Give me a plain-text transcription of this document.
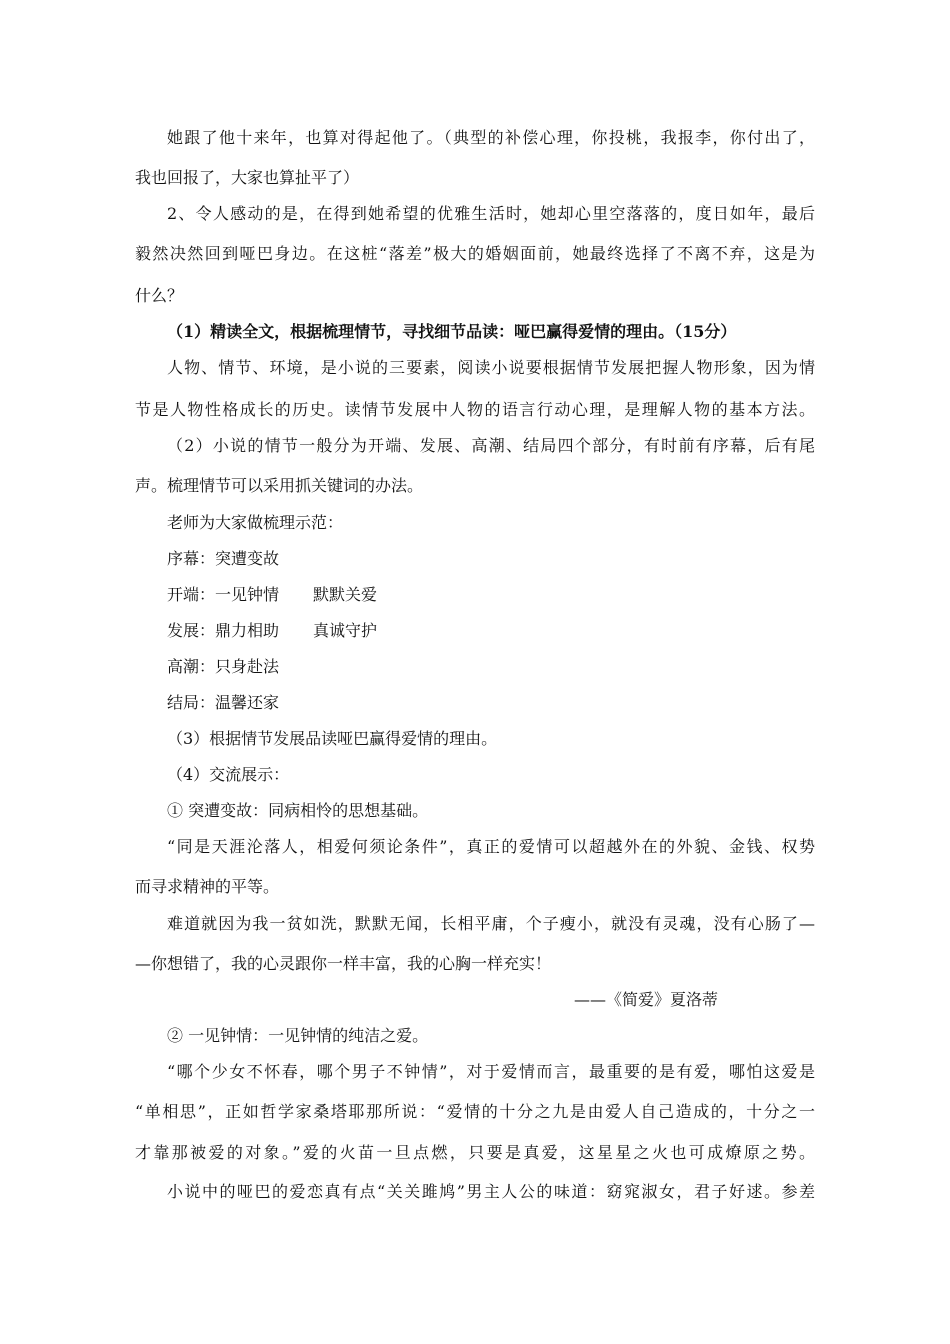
她跟了他十来年，也算对得起他了。（典型的补偿心理，你投桃，我报李，你付出了，
我也回报了，大家也算扯平了）
2、令人感动的是，在得到她希望的优雅生活时，她却心里空落落的，度日如年，最后
毅然决然回到哑巴身边。在这桩“落差”极大的婚姻面前，她最终选择了不离不弃，这是为
什么？
（1）精读全文，根据梳理情节，寻找细节品读：哑巴赢得爱情的理由。（15分）
人物、情节、环境，是小说的三要素，阅读小说要根据情节发展把握人物形象，因为情
节是人物性格成长的历史。读情节发展中人物的语言行动心理，是理解人物的基本方法。
（2）小说的情节一般分为开端、发展、高潮、结局四个部分，有时前有序幕，后有尾
声。梳理情节可以采用抓关键词的办法。
老师为大家做梳理示范：
序幕：突遭变故
开端：一见钟情 默默关爱
发展：鼎力相助 真诚守护
高潮：只身赴法
结局：温馨还家
（3）根据情节发展品读哑巴赢得爱情的理由。
（4）交流展示：
① 突遭变故：同病相怜的思想基础。
“同是天涯沦落人，相爱何须论条件”，真正的爱情可以超越外在的外貌、金钱、权势
而寻求精神的平等。
难道就因为我一贫如洗，默默无闻，长相平庸，个子瘦小，就没有灵魂，没有心肠了—
—你想错了，我的心灵跟你一样丰富，我的心胸一样充实！
——《简爱》夏洛蒂
② 一见钟情：一见钟情的纯洁之爱。
“哪个少女不怀春，哪个男子不钟情”，对于爱情而言，最重要的是有爱，哪怕这爱是
“单相思”，正如哲学家桑塔耶那所说：“爱情的十分之九是由爱人自己造成的，十分之一
才靠那被爱的对象。”爱的火苗一旦点燃，只要是真爱，这星星之火也可成燎原之势。
小说中的哑巴的爱恋真有点“关关雎鸠”男主人公的味道：窈窕淑女，君子好逑。参差
